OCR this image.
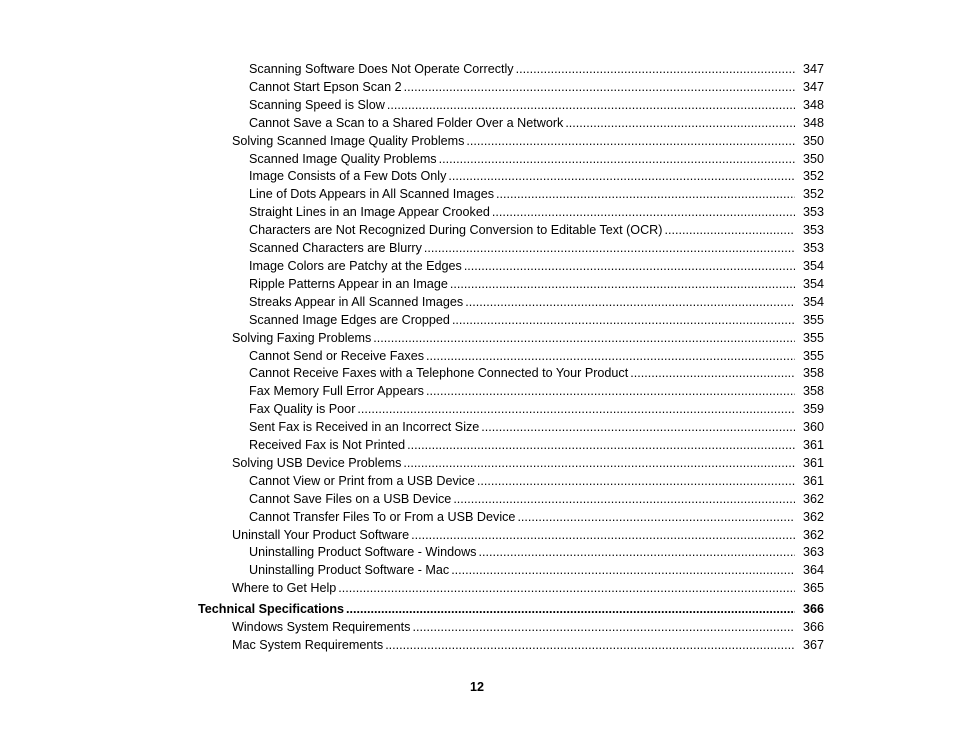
Scanning Software Does Not Operate Correctly .....	347
Cannot Start Epson Scan 2 .....	347
Scanning Speed is Slow .....	348
Cannot Save a Scan to a Shared Folder Over a Network .....	348
Solving Scanned Image Quality Problems .....	350
Scanned Image Quality Problems .....	350
Image Consists of a Few Dots Only .....	352
Line of Dots Appears in All Scanned Images .....	352
Straight Lines in an Image Appear Crooked .....	353
Characters are Not Recognized During Conversion to Editable Text (OCR) .....	353
Scanned Characters are Blurry .....	353
Image Colors are Patchy at the Edges .....	354
Ripple Patterns Appear in an Image .....	354
Streaks Appear in All Scanned Images .....	354
Scanned Image Edges are Cropped .....	355
Solving Faxing Problems .....	355
Cannot Send or Receive Faxes .....	355
Cannot Receive Faxes with a Telephone Connected to Your Product .....	358
Fax Memory Full Error Appears .....	358
Fax Quality is Poor .....	359
Sent Fax is Received in an Incorrect Size .....	360
Received Fax is Not Printed .....	361
Solving USB Device Problems .....	361
Cannot View or Print from a USB Device .....	361
Cannot Save Files on a USB Device .....	362
Cannot Transfer Files To or From a USB Device .....	362
Uninstall Your Product Software .....	362
Uninstalling Product Software - Windows .....	363
Uninstalling Product Software - Mac .....	364
Where to Get Help .....	365
Technical Specifications .....	366
Windows System Requirements .....	366
Mac System Requirements .....	367
12
